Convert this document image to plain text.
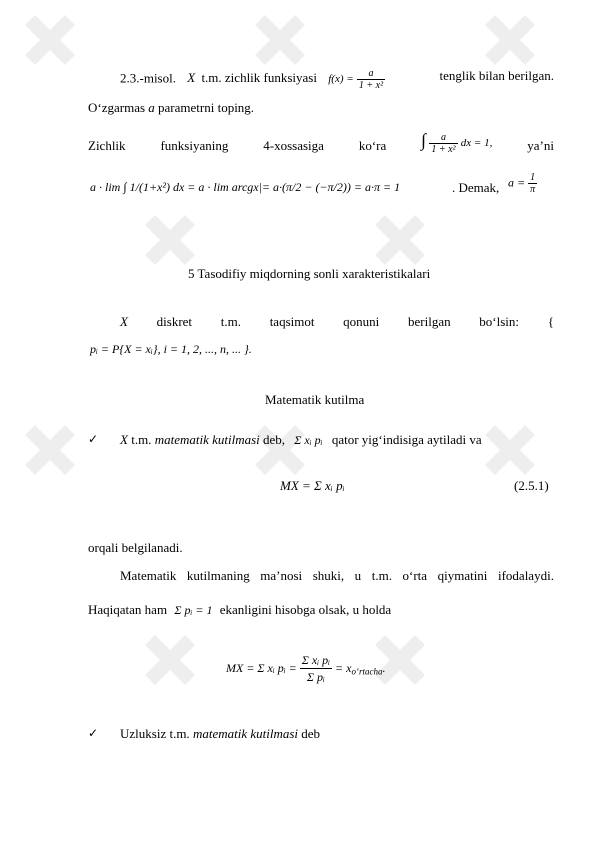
2.3.-misol. X t.m. zichlik funksiyasi $f(x) = \frac{a}{\text{1 + x²}}$	tenglik bilan berilgan.
O‘zgarmas a parametrni toping.
Zichlik	funksiyaning	4-xossasiga	ko‘ra ∫ $\frac{a}{\text{1 + x²}}$ dx = 1,	ya’ni
a · lim ∫ 1/(1+x²) dx = a · lim arcgx|= a·(π/2 − (−π/2)) = a·π = 1	. Demak, $a = \frac{1}{\pi}$
5 Tasodifiy miqdorning sonli xarakteristikalari
X diskret t.m. taqsimot qonuni berilgan bo‘lsin: {
pᵢ = P{X = xᵢ}, i = 1, 2, ..., n, ... }.
Matematik kutilma
✓ X t.m. matematik kutilmasi deb, Σ xᵢ pᵢ qator yig‘indisiga aytiladi va
MX = Σ xᵢ pᵢ	(2.5.1)
orqali belgilanadi.
Matematik kutilmaning ma’nosi shuki, u t.m. o‘rta qiymatini ifodalaydi.
Haqiqatan ham Σ pᵢ = 1 ekanligini hisobga olsak, u holda
MX = Σ xᵢ pᵢ = $\frac{\text{Σ xᵢ pᵢ}}{\text{Σ pᵢ}} = x_{o‘rtacha}$.
✓ Uzluksiz t.m. matematik kutilmasi deb
